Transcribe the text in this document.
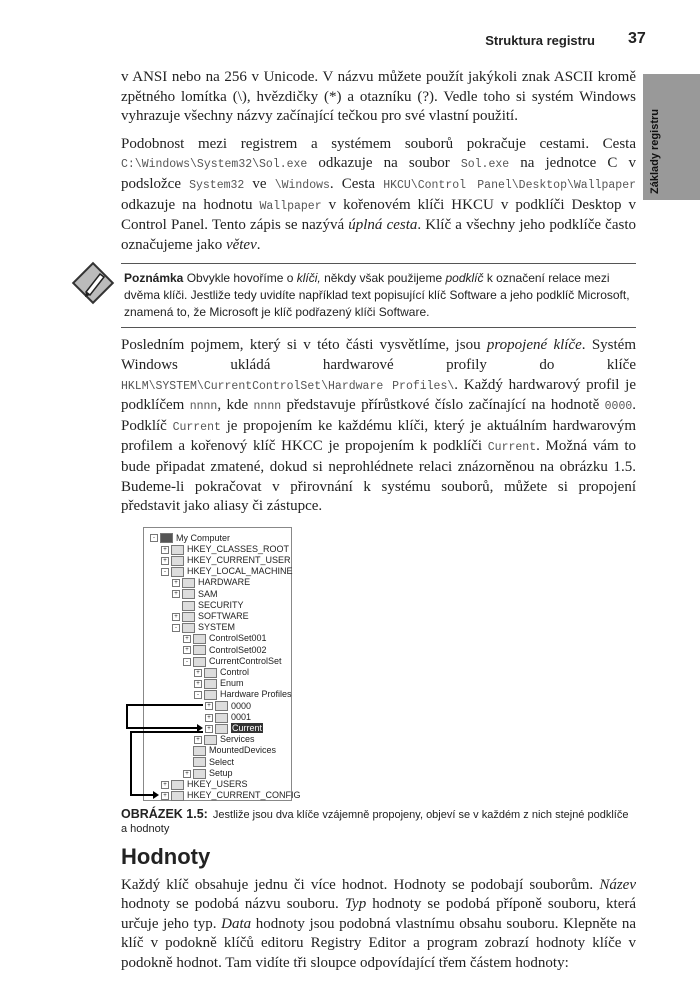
Struktura registru 37
Základy registru
v ANSI nebo na 256 v Unicode. V názvu můžete použít jakýkoli znak ASCII kromě zpětného lomítka (\), hvězdičky (*) a otazníku (?). Vedle toho si systém Windows vyhrazuje všechny názvy začínající tečkou pro své vlastní použití.
Podobnost mezi registrem a systémem souborů pokračuje cestami. Cesta C:\Windows\System32\Sol.exe odkazuje na soubor Sol.exe na jednotce C v podsložce System32 ve \Windows. Cesta HKCU\Control Panel\Desktop\Wallpaper odkazuje na hodnotu Wallpaper v kořenovém klíči HKCU v podklíči Desktop v Control Panel. Tento zápis se nazývá úplná cesta. Klíč a všechny jeho podklíče často označujeme jako větev.
Poznámka Obvykle hovoříme o klíči, někdy však použijeme podklíč k označení relace mezi dvěma klíči. Jestliže tedy uvidíte například text popisující klíč Software a jeho podklíč Microsoft, znamená to, že Microsoft je klíč podřazený klíči Software.
Posledním pojmem, který si v této části vysvětlíme, jsou propojené klíče. Systém Windows ukládá hardwarové profily do klíče HKLM\SYSTEM\CurrentControlSet\Hardware Profiles\. Každý hardwarový profil je podklíčem nnnn, kde nnnn představuje přírůstkové číslo začínající na hodnotě 0000. Podklíč Current je propojením ke každému klíči, který je aktuálním hardwarovým profilem a kořenový klíč HKCC je propojením k podklíči Current. Možná vám to bude připadat zmatené, dokud si neprohlédnete relaci znázorněnou na obrázku 1.5. Budeme-li pokračovat v přirovnání k systému souborů, můžete si propojení představit jako aliasy či zástupce.
- My Computer
+ HKEY_CLASSES_ROOT
+ HKEY_CURRENT_USER
- HKEY_LOCAL_MACHINE
+ HARDWARE
+ SAM
SECURITY
+ SOFTWARE
- SYSTEM
+ ControlSet001
+ ControlSet002
- CurrentControlSet
+ Control
+ Enum
- Hardware Profiles
+ 0000
+ 0001
+ Current
+ Services
MountedDevices
Select
+ Setup
+ HKEY_USERS
+ HKEY_CURRENT_CONFIG
OBRÁZEK 1.5: Jestliže jsou dva klíče vzájemně propojeny, objeví se v každém z nich stejné podklíče a hodnoty
Hodnoty
Každý klíč obsahuje jednu či více hodnot. Hodnoty se podobají souborům. Název hodnoty se podobá názvu souboru. Typ hodnoty se podobá příponě souboru, která určuje jeho typ. Data hodnoty jsou podobná vlastnímu obsahu souboru. Klepněte na klíč v podokně klíčů editoru Registry Editor a program zobrazí hodnoty klíče v podokně hodnot. Tam vidíte tři sloupce odpovídající třem částem hodnoty:
